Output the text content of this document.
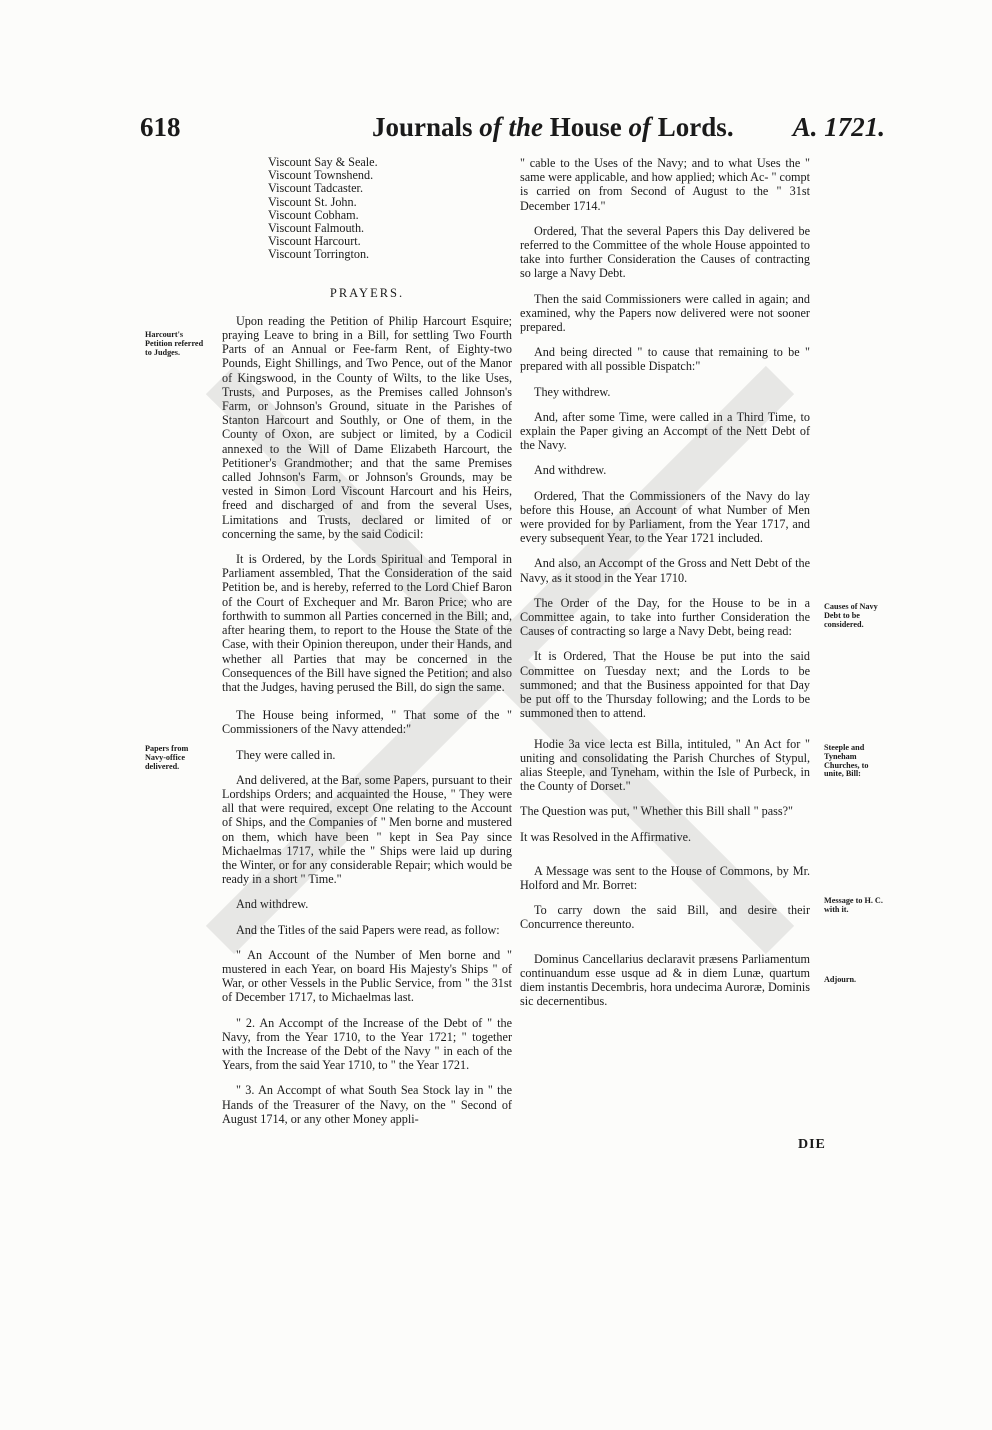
618	Journals of the House of Lords. A. 1721.
Harcourt's Petition referred to Judges.
Papers from Navy-office delivered.
Causes of Navy Debt to be considered.
Steeple and Tyneham Churches, to unite, Bill:
Message to H. C. with it.
Adjourn.
Viscount Say & Seale.
Viscount Townshend.
Viscount Tadcaster.
Viscount St. John.
Viscount Cobham.
Viscount Falmouth.
Viscount Harcourt.
Viscount Torrington.
PRAYERS.

Upon reading the Petition of Philip Harcourt Esquire; praying Leave to bring in a Bill, for settling Two Fourth Parts of an Annual or Fee-farm Rent, of Eighty-two Pounds, Eight Shillings, and Two Pence, out of the Manor of Kingswood, in the County of Wilts, to the like Uses, Trusts, and Purposes, as the Premises called Johnson's Farm, or Johnson's Ground, situate in the Parishes of Stanton Harcourt and Southly, or One of them, in the County of Oxon, are subject or limited, by a Codicil annexed to the Will of Dame Elizabeth Harcourt, the Petitioner's Grandmother; and that the same Premises called Johnson's Farm, or Johnson's Grounds, may be vested in Simon Lord Viscount Harcourt and his Heirs, freed and discharged of and from the several Uses, Limitations and Trusts, declared or limited of or concerning the same, by the said Codicil:

It is Ordered, by the Lords Spiritual and Temporal in Parliament assembled, That the Consideration of the said Petition be, and is hereby, referred to the Lord Chief Baron of the Court of Exchequer and Mr. Baron Price; who are forthwith to summon all Parties concerned in the Bill; and, after hearing them, to report to the House the State of the Case, with their Opinion thereupon, under their Hands, and whether all Parties that may be concerned in the Consequences of the Bill have signed the Petition; and also that the Judges, having perused the Bill, do sign the same.

The House being informed, " That some of the " Commissioners of the Navy attended:"

They were called in.

And delivered, at the Bar, some Papers, pursuant to their Lordships Orders; and acquainted the House, " They were all that were required, except One relating to the Account of Ships, and the Companies of " Men borne and mustered on them, which have been " kept in Sea Pay since Michaelmas 1717, while the " Ships were laid up during the Winter, or for any considerable Repair; which would be ready in a short " Time."

And withdrew.

And the Titles of the said Papers were read, as follow:

" An Account of the Number of Men borne and " mustered in each Year, on board His Majesty's Ships " of War, or other Vessels in the Public Service, from " the 31st of December 1717, to Michaelmas last.

" 2. An Accompt of the Increase of the Debt of " the Navy, from the Year 1710, to the Year 1721; " together with the Increase of the Debt of the Navy " in each of the Years, from the said Year 1710, to " the Year 1721.

" 3. An Accompt of what South Sea Stock lay in " the Hands of the Treasurer of the Navy, on the " Second of August 1714, or any other Money appli-

" cable to the Uses of the Navy; and to what Uses the " same were applicable, and how applied; which Ac- " compt is carried on from Second of August to the " 31st December 1714."

Ordered, That the several Papers this Day delivered be referred to the Committee of the whole House appointed to take into further Consideration the Causes of contracting so large a Navy Debt.

Then the said Commissioners were called in again; and examined, why the Papers now delivered were not sooner prepared.

And being directed " to cause that remaining to be " prepared with all possible Dispatch:"

They withdrew.

And, after some Time, were called in a Third Time, to explain the Paper giving an Accompt of the Nett Debt of the Navy.

And withdrew.

Ordered, That the Commissioners of the Navy do lay before this House, an Account of what Number of Men were provided for by Parliament, from the Year 1717, and every subsequent Year, to the Year 1721 included.

And also, an Accompt of the Gross and Nett Debt of the Navy, as it stood in the Year 1710.

The Order of the Day, for the House to be in a Committee again, to take into further Consideration the Causes of contracting so large a Navy Debt, being read:

It is Ordered, That the House be put into the said Committee on Tuesday next; and the Lords to be summoned; and that the Business appointed for that Day be put off to the Thursday following; and the Lords to be summoned then to attend.

Hodie 3a vice lecta est Billa, intituled, " An Act for " uniting and consolidating the Parish Churches of Stypul, alias Steeple, and Tyneham, within the Isle of Purbeck, in the County of Dorset."

The Question was put, " Whether this Bill shall " pass?"

It was Resolved in the Affirmative.

A Message was sent to the House of Commons, by Mr. Holford and Mr. Borret:

To carry down the said Bill, and desire their Concurrence thereunto.

Dominus Cancellarius declaravit præsens Parliamentum continuandum esse usque ad & in diem Lunæ, quartum diem instantis Decembris, hora undecima Auroræ, Dominis sic decernentibus.

DIE
